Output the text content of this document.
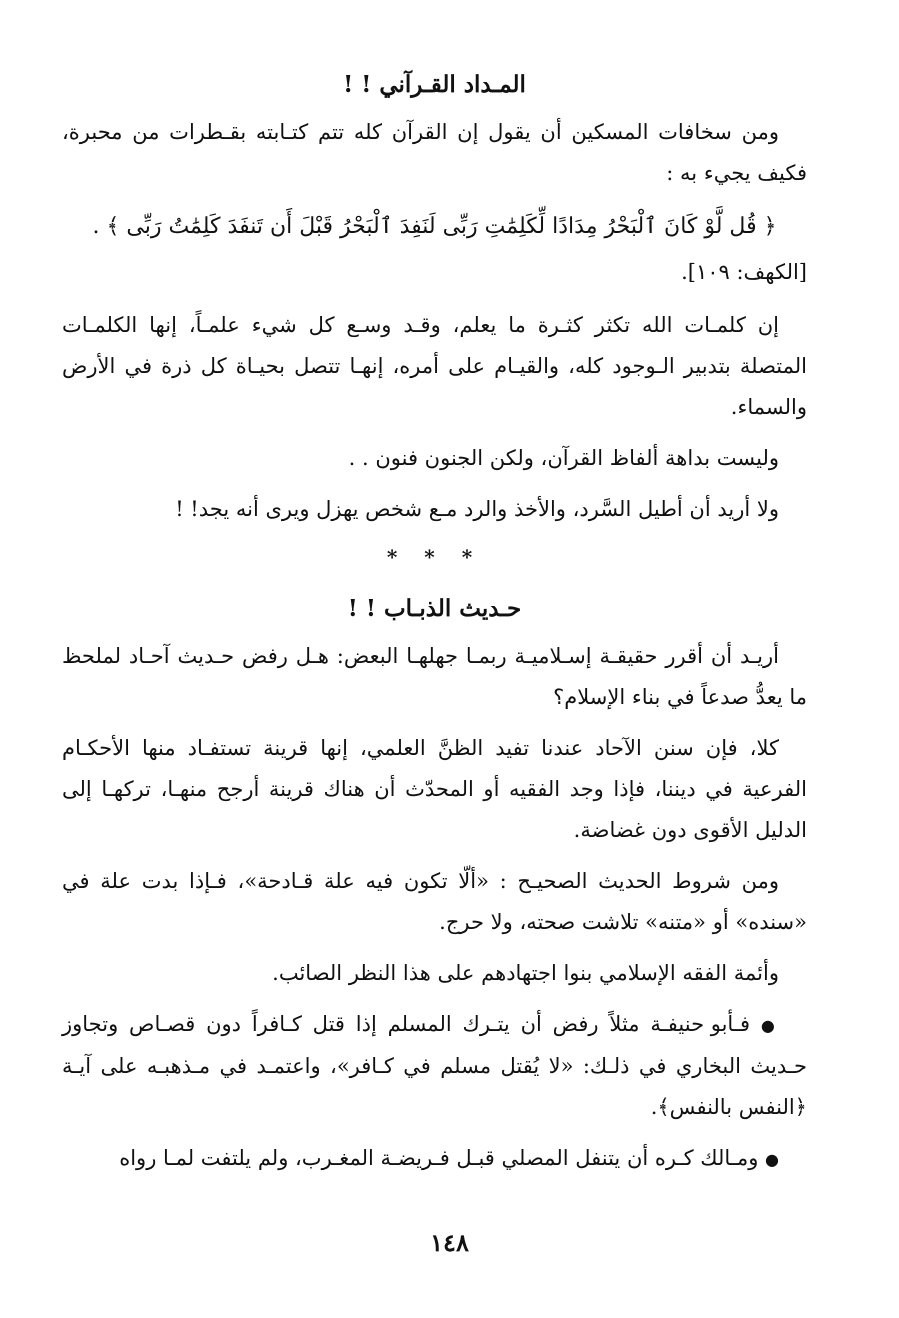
المـداد القـرآني ! !

ومن سخافات المسكين أن يقول إن القرآن كله تتم كتـابته بقـطرات من محبرة، فكيف يجيء به :

﴿ قُل لَّوْ كَانَ ٱلْبَحْرُ مِدَادًا لِّكَلِمَٰتِ رَبِّى لَنَفِدَ ٱلْبَحْرُ قَبْلَ أَن تَنفَدَ كَلِمَٰتُ رَبِّى ﴾ .
[الكهف: ١٠٩].

إن كلمـات الله تكثر كثـرة ما يعلم، وقـد وسـع كل شيء علمـاً، إنها الكلمـات المتصلة بتدبير الـوجود كله، والقيـام على أمره، إنهـا تتصل بحيـاة كل ذرة في الأرض والسماء.

وليست بداهة ألفاظ القرآن، ولكن الجنون فنون . .

ولا أريد أن أطيل السَّرد، والأخذ والرد مـع شخص يهزل ويرى أنه يجد! !

* * *
حـديث الذبـاب ! !

أريـد أن أقرر حقيقـة إسـلاميـة ربمـا جهلهـا البعض: هـل رفض حـديث آحـاد لملحظ ما يعدُّ صدعاً في بناء الإسلام؟

كلا، فإن سنن الآحاد عندنا تفيد الظنَّ العلمي، إنها قرينة تستفـاد منها الأحكـام الفرعية في ديننا، فإذا وجد الفقيه أو المحدّث أن هناك قرينة أرجح منهـا، تركهـا إلى الدليل الأقوى دون غضاضة.

ومن شروط الحديث الصحيـح : «ألّا تكون فيه علة قـادحة»، فـإذا بدت علة في «سنده» أو «متنه» تلاشت صحته، ولا حرج.

وأئمة الفقه الإسلامي بنوا اجتهادهم على هذا النظر الصائب.

● فـأبو حنيفـة مثلاً رفض أن يتـرك المسلم إذا قتل كـافراً دون قصـاص وتجاوز حـديث البخاري في ذلـك: «لا يُقتل مسلم في كـافر»، واعتمـد في مـذهبـه على آيـة ﴿النفس بالنفس﴾.

● ومـالك كـره أن يتنفل المصلي قبـل فـريضـة المغـرب، ولم يلتفت لمـا رواه

١٤٨
